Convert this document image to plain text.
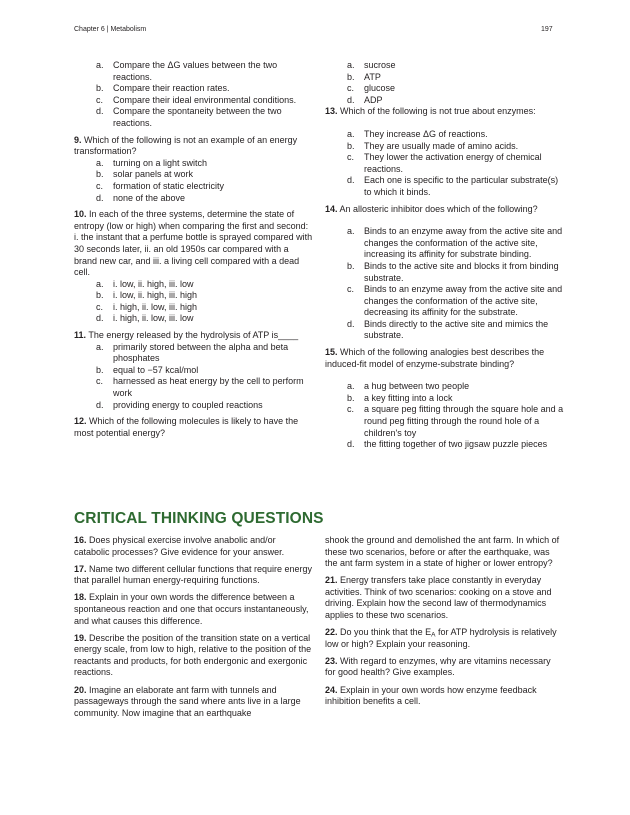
Chapter 6 | Metabolism	197
a. Compare the ΔG values between the two reactions.
b. Compare their reaction rates.
c. Compare their ideal environmental conditions.
d. Compare the spontaneity between the two reactions.

9. Which of the following is not an example of an energy transformation?

a. turning on a light switch
b. solar panels at work
c. formation of static electricity
d. none of the above

10. In each of the three systems, determine the state of entropy (low or high) when comparing the first and second: i. the instant that a perfume bottle is sprayed compared with 30 seconds later, ii. an old 1950s car compared with a brand new car, and iii. a living cell compared with a dead cell.

a. i. low, ii. high, iii. low
b. i. low, ii. high, iii. high
c. i. high, ii. low, iii. high
d. i. high, ii. low, iii. low

11. The energy released by the hydrolysis of ATP is____

a. primarily stored between the alpha and beta phosphates
b. equal to −57 kcal/mol
c. harnessed as heat energy by the cell to perform work
d. providing energy to coupled reactions

12. Which of the following molecules is likely to have the most potential energy?

a. sucrose
b. ATP
c. glucose
d. ADP

13. Which of the following is not true about enzymes:

a. They increase ΔG of reactions.
b. They are usually made of amino acids.
c. They lower the activation energy of chemical reactions.
d. Each one is specific to the particular substrate(s) to which it binds.

14. An allosteric inhibitor does which of the following?

a. Binds to an enzyme away from the active site and changes the conformation of the active site, increasing its affinity for substrate binding.
b. Binds to the active site and blocks it from binding substrate.
c. Binds to an enzyme away from the active site and changes the conformation of the active site, decreasing its affinity for the substrate.
d. Binds directly to the active site and mimics the substrate.

15. Which of the following analogies best describes the induced-fit model of enzyme-substrate binding?

a. a hug between two people
b. a key fitting into a lock
c. a square peg fitting through the square hole and a round peg fitting through the round hole of a children's toy
d. the fitting together of two jigsaw puzzle pieces
CRITICAL THINKING QUESTIONS

16. Does physical exercise involve anabolic and/or catabolic processes? Give evidence for your answer.

17. Name two different cellular functions that require energy that parallel human energy-requiring functions.

18. Explain in your own words the difference between a spontaneous reaction and one that occurs instantaneously, and what causes this difference.

19. Describe the position of the transition state on a vertical energy scale, from low to high, relative to the position of the reactants and products, for both endergonic and exergonic reactions.

20. Imagine an elaborate ant farm with tunnels and passageways through the sand where ants live in a large community. Now imagine that an earthquake

shook the ground and demolished the ant farm. In which of these two scenarios, before or after the earthquake, was the ant farm system in a state of higher or lower entropy?

21. Energy transfers take place constantly in everyday activities. Think of two scenarios: cooking on a stove and driving. Explain how the second law of thermodynamics applies to these two scenarios.

22. Do you think that the $E_A$ for ATP hydrolysis is relatively low or high? Explain your reasoning.

23. With regard to enzymes, why are vitamins necessary for good health? Give examples.

24. Explain in your own words how enzyme feedback inhibition benefits a cell.
